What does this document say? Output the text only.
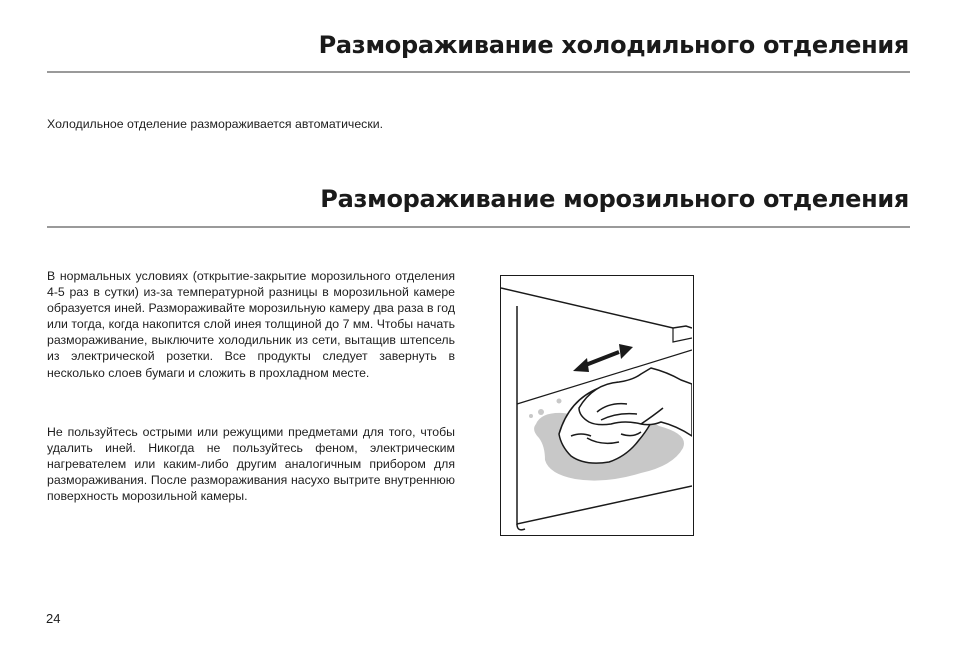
Размораживание холодильного отделения

Холодильное отделение размораживается автоматически.

Размораживание морозильного отделения

В нормальных условиях (открытие-закрытие морозильного отделения 4-5 раз в сутки) из-за температурной разницы в морозильной камере образуется иней. Размораживайте морозильную камеру два раза в год или тогда, когда накопится слой инея толщиной до 7 мм. Чтобы начать размораживание, выключите холодильник из сети, вытащив штепсель из электрической розетки. Все продукты следует завернуть в несколько слоев бумаги и сложить в прохладном месте.

Не пользуйтесь острыми или режущими предметами для того, чтобы удалить иней. Никогда не пользуйтесь феном, электрическим нагревателем или каким-либо другим аналогичным прибором для размораживания. После размораживания насухо вытрите внутреннюю поверхность морозильной камеры.

24
